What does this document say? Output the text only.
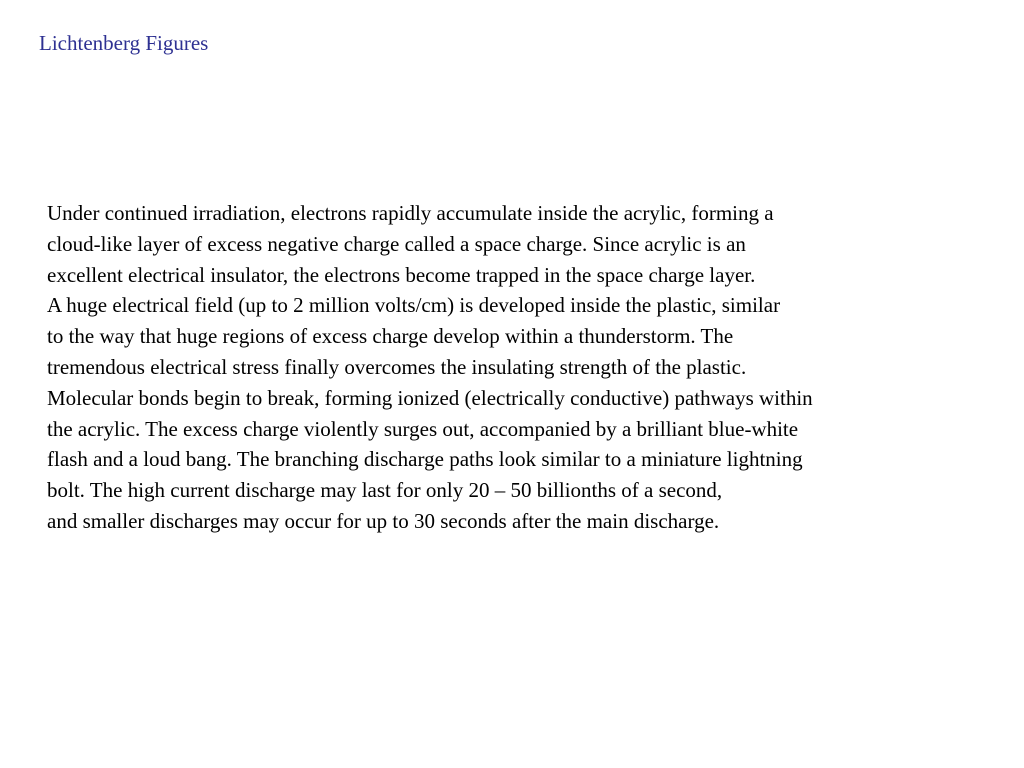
Lichtenberg Figures
Under continued irradiation, electrons rapidly accumulate inside the acrylic, forming a
cloud-like layer of excess negative charge called a space charge. Since acrylic is an
excellent electrical insulator, the electrons become trapped in the space charge layer.
A huge electrical field (up to 2 million volts/cm) is developed inside the plastic, similar
to the way that huge regions of excess charge develop within a thunderstorm. The
tremendous electrical stress finally overcomes the insulating strength of the plastic.
Molecular bonds begin to break, forming ionized (electrically conductive) pathways within
the acrylic. The excess charge violently surges out, accompanied by a brilliant blue-white
flash and a loud bang. The branching discharge paths look similar to a miniature lightning
bolt. The high current discharge may last for only 20 – 50 billionths of a second,
and smaller discharges may occur for up to 30 seconds after the main discharge.
